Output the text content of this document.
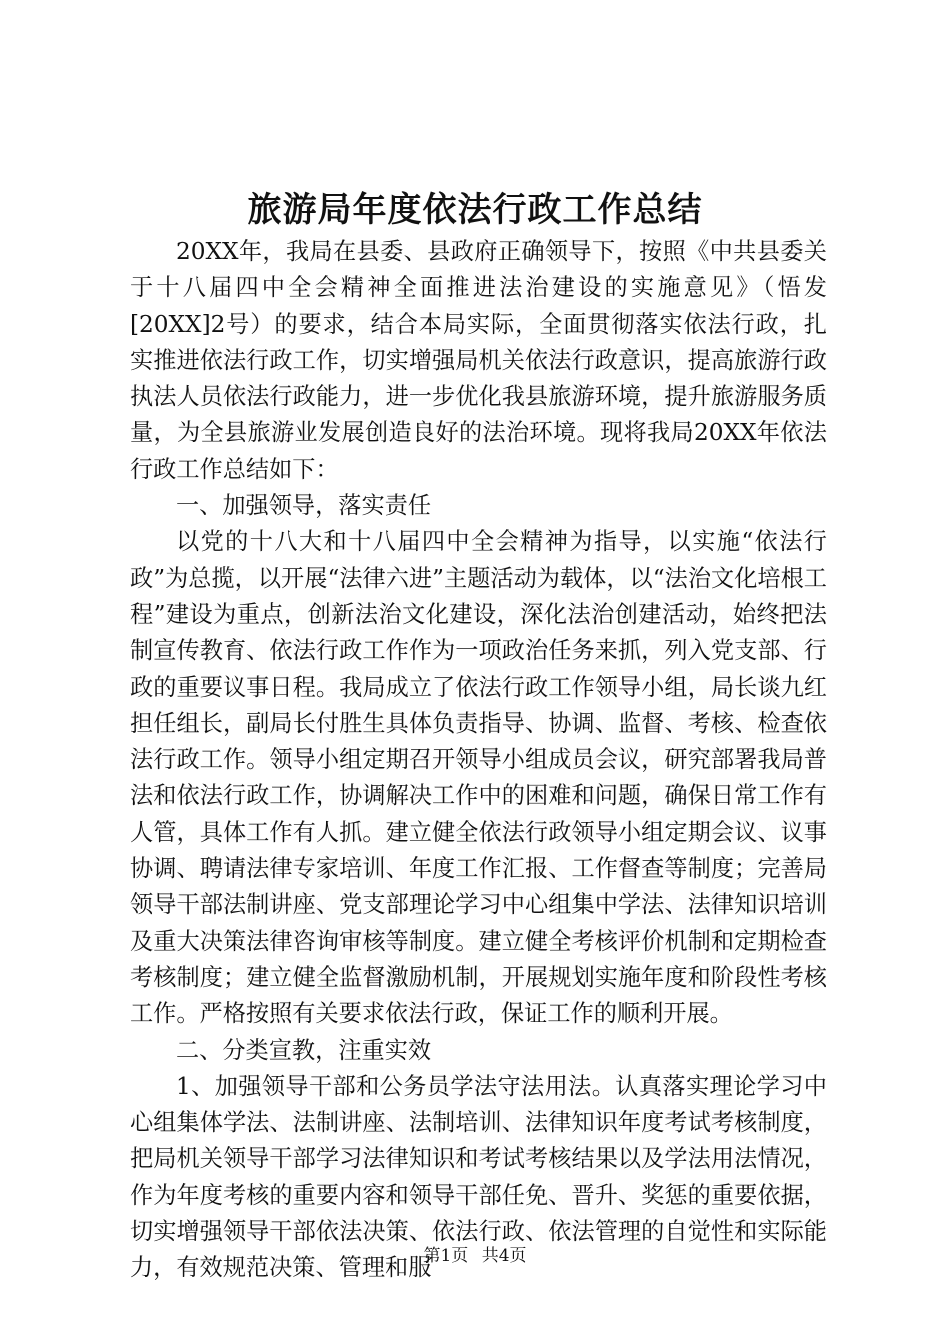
旅游局年度依法行政工作总结

20XX年，我局在县委、县政府正确领导下，按照《中共县委关于十八届四中全会精神全面推进法治建设的实施意见》（悟发[20XX]2号）的要求，结合本局实际，全面贯彻落实依法行政，扎实推进依法行政工作，切实增强局机关依法行政意识，提高旅游行政执法人员依法行政能力，进一步优化我县旅游环境，提升旅游服务质量，为全县旅游业发展创造良好的法治环境。现将我局20XX年依法行政工作总结如下：

一、加强领导，落实责任

以党的十八大和十八届四中全会精神为指导，以实施“依法行政”为总揽，以开展“法律六进”主题活动为载体，以“法治文化培根工程”建设为重点，创新法治文化建设，深化法治创建活动，始终把法制宣传教育、依法行政工作作为一项政治任务来抓，列入党支部、行政的重要议事日程。我局成立了依法行政工作领导小组，局长谈九红担任组长，副局长付胜生具体负责指导、协调、监督、考核、检查依法行政工作。领导小组定期召开领导小组成员会议，研究部署我局普法和依法行政工作，协调解决工作中的困难和问题，确保日常工作有人管，具体工作有人抓。建立健全依法行政领导小组定期会议、议事协调、聘请法律专家培训、年度工作汇报、工作督查等制度；完善局领导干部法制讲座、党支部理论学习中心组集中学法、法律知识培训及重大决策法律咨询审核等制度。建立健全考核评价机制和定期检查考核制度；建立健全监督激励机制，开展规划实施年度和阶段性考核工作。严格按照有关要求依法行政，保证工作的顺利开展。

二、分类宣教，注重实效

1、加强领导干部和公务员学法守法用法。认真落实理论学习中心组集体学法、法制讲座、法制培训、法律知识年度考试考核制度，把局机关领导干部学习法律知识和考试考核结果以及学法用法情况，作为年度考核的重要内容和领导干部任免、晋升、奖惩的重要依据，切实增强领导干部依法决策、依法行政、依法管理的自觉性和实际能力，有效规范决策、管理和服

第1页 共4页
